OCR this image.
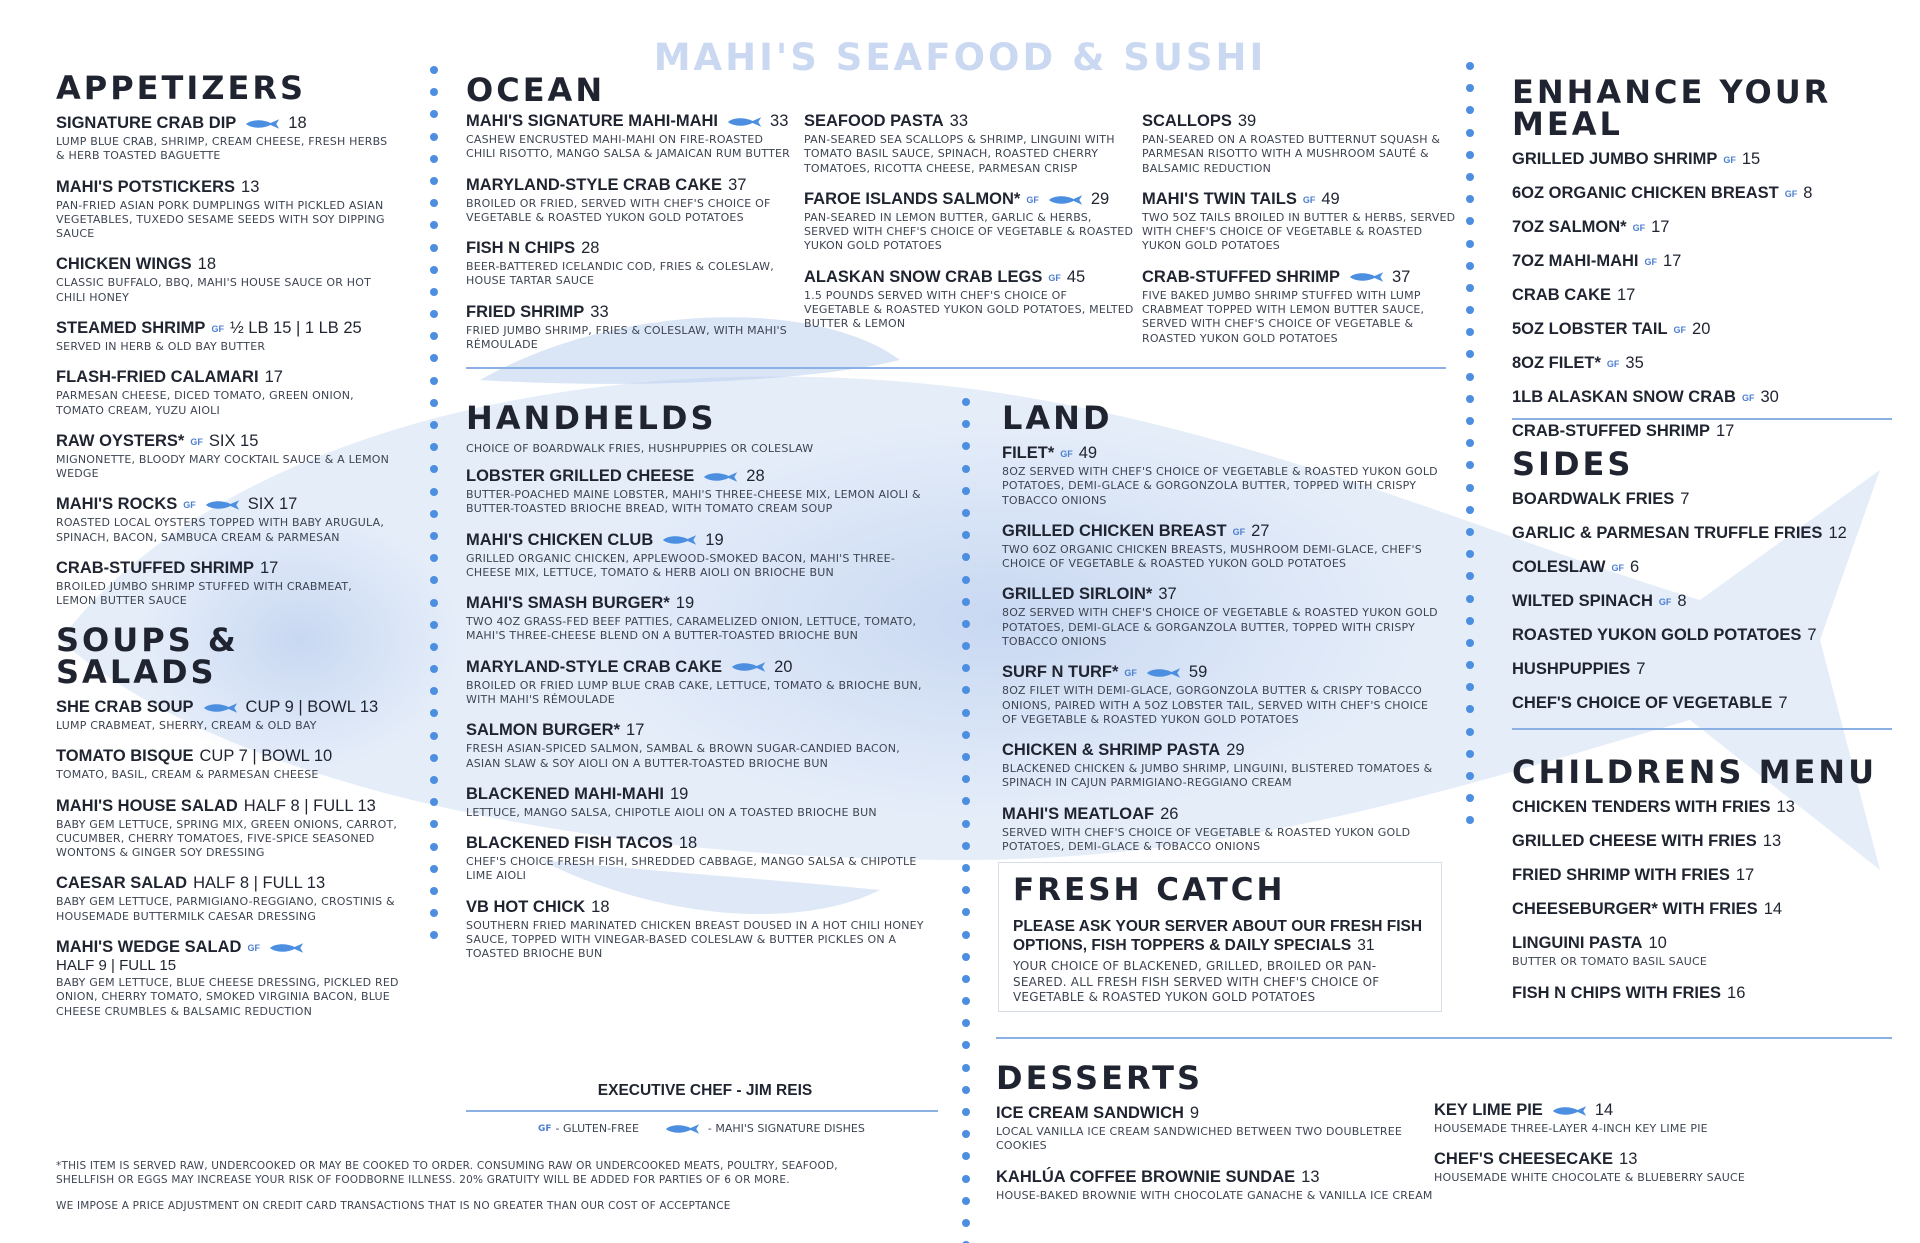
MAHI'S SEAFOOD & SUSHI
APPETIZERS
SIGNATURE CRAB DIP	18
LUMP BLUE CRAB, SHRIMP, CREAM CHEESE, FRESH HERBS & HERB TOASTED BAGUETTE
MAHI'S POTSTICKERS 13
PAN-FRIED ASIAN PORK DUMPLINGS WITH PICKLED ASIAN VEGETABLES, TUXEDO SESAME SEEDS WITH SOY DIPPING SAUCE
CHICKEN WINGS 18
CLASSIC BUFFALO, BBQ, MAHI'S HOUSE SAUCE OR HOT CHILI HONEY
STEAMED SHRIMP GF ½ LB 15 | 1 LB 25
SERVED IN HERB & OLD BAY BUTTER
FLASH-FRIED CALAMARI 17
PARMESAN CHEESE, DICED TOMATO, GREEN ONION, TOMATO CREAM, YUZU AIOLI
RAW OYSTERS* GF SIX 15
MIGNONETTE, BLOODY MARY COCKTAIL SAUCE & A LEMON WEDGE
MAHI'S ROCKS GF	SIX 17
ROASTED LOCAL OYSTERS TOPPED WITH BABY ARUGULA, SPINACH, BACON, SAMBUCA CREAM & PARMESAN
CRAB-STUFFED SHRIMP 17
BROILED JUMBO SHRIMP STUFFED WITH CRABMEAT, LEMON BUTTER SAUCE
SOUPS & SALADS
SHE CRAB SOUP	CUP 9 | BOWL 13
LUMP CRABMEAT, SHERRY, CREAM & OLD BAY
TOMATO BISQUE CUP 7 | BOWL 10
TOMATO, BASIL, CREAM & PARMESAN CHEESE
MAHI'S HOUSE SALAD HALF 8 | FULL 13
BABY GEM LETTUCE, SPRING MIX, GREEN ONIONS, CARROT, CUCUMBER, CHERRY TOMATOES, FIVE-SPICE SEASONED WONTONS & GINGER SOY DRESSING
CAESAR SALAD HALF 8 | FULL 13
BABY GEM LETTUCE, PARMIGIANO-REGGIANO, CROSTINIS & HOUSEMADE BUTTERMILK CAESAR DRESSING
MAHI'S WEDGE SALAD GF
HALF 9 | FULL 15
BABY GEM LETTUCE, BLUE CHEESE DRESSING, PICKLED RED ONION, CHERRY TOMATO, SMOKED VIRGINIA BACON, BLUE CHEESE CRUMBLES & BALSAMIC REDUCTION
OCEAN
MAHI'S SIGNATURE MAHI-MAHI	33
CASHEW ENCRUSTED MAHI-MAHI ON FIRE-ROASTED CHILI RISOTTO, MANGO SALSA & JAMAICAN RUM BUTTER
MARYLAND-STYLE CRAB CAKE 37
BROILED OR FRIED, SERVED WITH CHEF'S CHOICE OF VEGETABLE & ROASTED YUKON GOLD POTATOES
FISH N CHIPS 28
BEER-BATTERED ICELANDIC COD, FRIES & COLESLAW, HOUSE TARTAR SAUCE
FRIED SHRIMP 33
FRIED JUMBO SHRIMP, FRIES & COLESLAW, WITH MAHI'S RÉMOULADE
SEAFOOD PASTA 33
PAN-SEARED SEA SCALLOPS & SHRIMP, LINGUINI WITH TOMATO BASIL SAUCE, SPINACH, ROASTED CHERRY TOMATOES, RICOTTA CHEESE, PARMESAN CRISP
FAROE ISLANDS SALMON* GF	29
PAN-SEARED IN LEMON BUTTER, GARLIC & HERBS, SERVED WITH CHEF'S CHOICE OF VEGETABLE & ROASTED YUKON GOLD POTATOES
ALASKAN SNOW CRAB LEGS GF 45
1.5 POUNDS SERVED WITH CHEF'S CHOICE OF VEGETABLE & ROASTED YUKON GOLD POTATOES, MELTED BUTTER & LEMON
SCALLOPS 39
PAN-SEARED ON A ROASTED BUTTERNUT SQUASH & PARMESAN RISOTTO WITH A MUSHROOM SAUTÉ & BALSAMIC REDUCTION
MAHI'S TWIN TAILS GF 49
TWO 5OZ TAILS BROILED IN BUTTER & HERBS, SERVED WITH CHEF'S CHOICE OF VEGETABLE & ROASTED YUKON GOLD POTATOES
CRAB-STUFFED SHRIMP	37
FIVE BAKED JUMBO SHRIMP STUFFED WITH LUMP CRABMEAT TOPPED WITH LEMON BUTTER SAUCE, SERVED WITH CHEF'S CHOICE OF VEGETABLE & ROASTED YUKON GOLD POTATOES
HANDHELDS
CHOICE OF BOARDWALK FRIES, HUSHPUPPIES OR COLESLAW
LOBSTER GRILLED CHEESE	28
BUTTER-POACHED MAINE LOBSTER, MAHI'S THREE-CHEESE MIX, LEMON AIOLI & BUTTER-TOASTED BRIOCHE BREAD, WITH TOMATO CREAM SOUP
MAHI'S CHICKEN CLUB	19
GRILLED ORGANIC CHICKEN, APPLEWOOD-SMOKED BACON, MAHI'S THREE-CHEESE MIX, LETTUCE, TOMATO & HERB AIOLI ON BRIOCHE BUN
MAHI'S SMASH BURGER* 19
TWO 4OZ GRASS-FED BEEF PATTIES, CARAMELIZED ONION, LETTUCE, TOMATO, MAHI'S THREE-CHEESE BLEND ON A BUTTER-TOASTED BRIOCHE BUN
MARYLAND-STYLE CRAB CAKE	20
BROILED OR FRIED LUMP BLUE CRAB CAKE, LETTUCE, TOMATO & BRIOCHE BUN, WITH MAHI'S RÉMOULADE
SALMON BURGER* 17
FRESH ASIAN-SPICED SALMON, SAMBAL & BROWN SUGAR-CANDIED BACON, ASIAN SLAW & SOY AIOLI ON A BUTTER-TOASTED BRIOCHE BUN
BLACKENED MAHI-MAHI 19
LETTUCE, MANGO SALSA, CHIPOTLE AIOLI ON A TOASTED BRIOCHE BUN
BLACKENED FISH TACOS 18
CHEF'S CHOICE FRESH FISH, SHREDDED CABBAGE, MANGO SALSA & CHIPOTLE LIME AIOLI
VB HOT CHICK 18
SOUTHERN FRIED MARINATED CHICKEN BREAST DOUSED IN A HOT CHILI HONEY SAUCE, TOPPED WITH VINEGAR-BASED COLESLAW & BUTTER PICKLES ON A TOASTED BRIOCHE BUN
LAND
FILET* GF 49
8OZ SERVED WITH CHEF'S CHOICE OF VEGETABLE & ROASTED YUKON GOLD POTATOES, DEMI-GLACE & GORGONZOLA BUTTER, TOPPED WITH CRISPY TOBACCO ONIONS
GRILLED CHICKEN BREAST GF 27
TWO 6OZ ORGANIC CHICKEN BREASTS, MUSHROOM DEMI-GLACE, CHEF'S CHOICE OF VEGETABLE & ROASTED YUKON GOLD POTATOES
GRILLED SIRLOIN* 37
8OZ SERVED WITH CHEF'S CHOICE OF VEGETABLE & ROASTED YUKON GOLD POTATOES, DEMI-GLACE & GORGANZOLA BUTTER, TOPPED WITH CRISPY TOBACCO ONIONS
SURF N TURF* GF	59
8OZ FILET WITH DEMI-GLACE, GORGONZOLA BUTTER & CRISPY TOBACCO ONIONS, PAIRED WITH A 5OZ LOBSTER TAIL, SERVED WITH CHEF'S CHOICE OF VEGETABLE & ROASTED YUKON GOLD POTATOES
CHICKEN & SHRIMP PASTA 29
BLACKENED CHICKEN & JUMBO SHRIMP, LINGUINI, BLISTERED TOMATOES & SPINACH IN CAJUN PARMIGIANO-REGGIANO CREAM
MAHI'S MEATLOAF 26
SERVED WITH CHEF'S CHOICE OF VEGETABLE & ROASTED YUKON GOLD POTATOES, DEMI-GLACE & TOBACCO ONIONS
FRESH CATCH
PLEASE ASK YOUR SERVER ABOUT OUR FRESH FISH OPTIONS, FISH TOPPERS & DAILY SPECIALS 31
YOUR CHOICE OF BLACKENED, GRILLED, BROILED OR PAN-SEARED. ALL FRESH FISH SERVED WITH CHEF'S CHOICE OF VEGETABLE & ROASTED YUKON GOLD POTATOES
ENHANCE YOUR MEAL
GRILLED JUMBO SHRIMP GF 15
6OZ ORGANIC CHICKEN BREAST GF 8
7OZ SALMON* GF 17
7OZ MAHI-MAHI GF 17
CRAB CAKE 17
5OZ LOBSTER TAIL GF 20
8OZ FILET* GF 35
1LB ALASKAN SNOW CRAB GF 30
CRAB-STUFFED SHRIMP 17
SIDES
BOARDWALK FRIES 7
GARLIC & PARMESAN TRUFFLE FRIES 12
COLESLAW GF 6
WILTED SPINACH GF 8
ROASTED YUKON GOLD POTATOES 7
HUSHPUPPIES 7
CHEF'S CHOICE OF VEGETABLE 7
CHILDRENS MENU
CHICKEN TENDERS WITH FRIES 13
GRILLED CHEESE WITH FRIES 13
FRIED SHRIMP WITH FRIES 17
CHEESEBURGER* WITH FRIES 14
LINGUINI PASTA 10
BUTTER OR TOMATO BASIL SAUCE
FISH N CHIPS WITH FRIES 16
DESSERTS
ICE CREAM SANDWICH 9
LOCAL VANILLA ICE CREAM SANDWICHED BETWEEN TWO DOUBLETREE COOKIES
KAHLÚA COFFEE BROWNIE SUNDAE 13
HOUSE-BAKED BROWNIE WITH CHOCOLATE GANACHE & VANILLA ICE CREAM
KEY LIME PIE	14
HOUSEMADE THREE-LAYER 4-INCH KEY LIME PIE
CHEF'S CHEESECAKE 13
HOUSEMADE WHITE CHOCOLATE & BLUEBERRY SAUCE
EXECUTIVE CHEF - JIM REIS
GF - GLUTEN-FREE	- MAHI'S SIGNATURE DISHES
*THIS ITEM IS SERVED RAW, UNDERCOOKED OR MAY BE COOKED TO ORDER. CONSUMING RAW OR UNDERCOOKED MEATS, POULTRY, SEAFOOD, SHELLFISH OR EGGS MAY INCREASE YOUR RISK OF FOODBORNE ILLNESS. 20% GRATUITY WILL BE ADDED FOR PARTIES OF 6 OR MORE.
WE IMPOSE A PRICE ADJUSTMENT ON CREDIT CARD TRANSACTIONS THAT IS NO GREATER THAN OUR COST OF ACCEPTANCE
